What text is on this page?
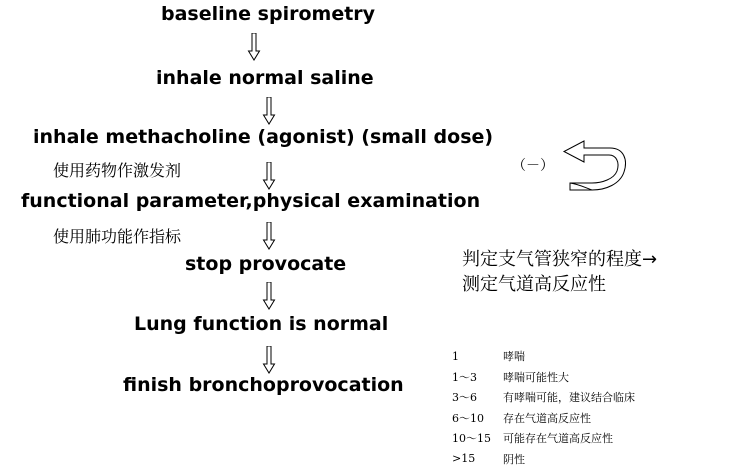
baseline spirometry
inhale normal saline
inhale methacholine (agonist) (small dose)
使用药物作激发剂	（－）
functional parameter,physical examination
使用肺功能作指标
stop provocate
Lung function is normal
finish bronchoprovocation
判定支气管狭窄的程度→
测定气道高反应性
1	哮喘
1～3	哮喘可能性大
3～6	有哮喘可能，建议结合临床
6～10	存在气道高反应性
10～15	可能存在气道高反应性
>15	阴性
